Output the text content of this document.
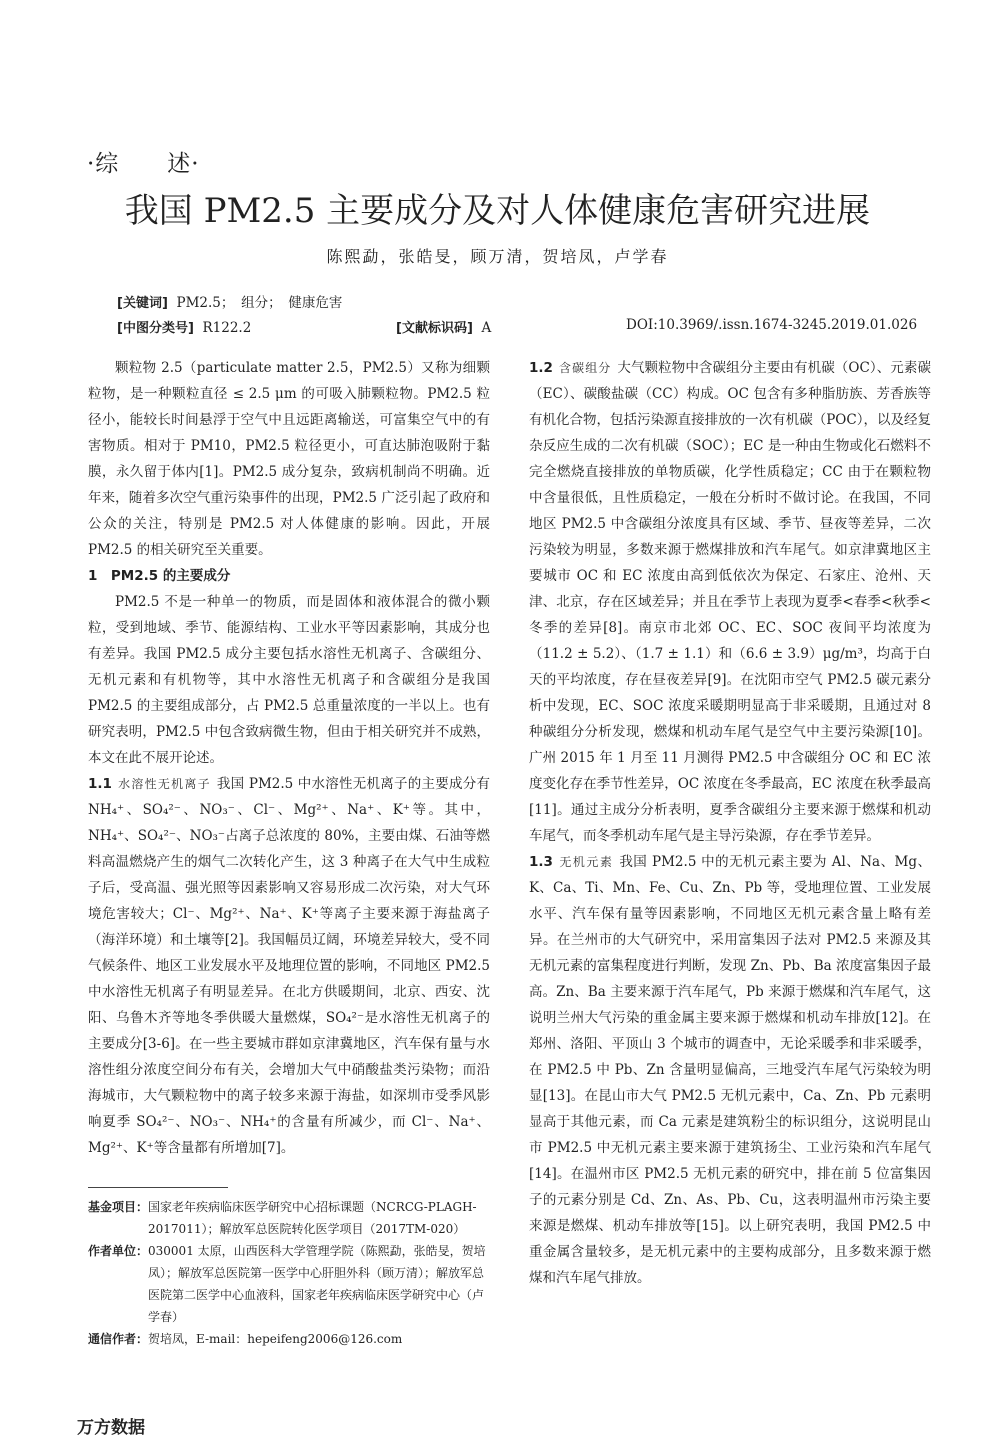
·综　　述·
我国 PM2.5 主要成分及对人体健康危害研究进展
陈熙勐，张皓旻，顾万清，贺培凤，卢学春
[关键词] PM2.5；　组分；　健康危害
[中图分类号] R122.2	[文献标识码] A	DOI:10.3969/.issn.1674-3245.2019.01.026

颗粒物 2.5（particulate matter 2.5，PM2.5）又称为细颗粒物，是一种颗粒直径 ≤ 2.5 μm 的可吸入肺颗粒物。PM2.5 粒径小，能较长时间悬浮于空气中且远距离输送，可富集空气中的有害物质。相对于 PM10，PM2.5 粒径更小，可直达肺泡吸附于黏膜，永久留于体内[1]。PM2.5 成分复杂，致病机制尚不明确。近年来，随着多次空气重污染事件的出现，PM2.5 广泛引起了政府和公众的关注，特别是 PM2.5 对人体健康的影响。因此，开展 PM2.5 的相关研究至关重要。

1　PM2.5 的主要成分

PM2.5 不是一种单一的物质，而是固体和液体混合的微小颗粒，受到地域、季节、能源结构、工业水平等因素影响，其成分也有差异。我国 PM2.5 成分主要包括水溶性无机离子、含碳组分、无机元素和有机物等，其中水溶性无机离子和含碳组分是我国 PM2.5 的主要组成部分，占 PM2.5 总重量浓度的一半以上。也有研究表明，PM2.5 中包含致病微生物，但由于相关研究并不成熟，本文在此不展开论述。

1.1 水溶性无机离子 我国 PM2.5 中水溶性无机离子的主要成分有 NH₄⁺、SO₄²⁻、NO₃⁻、Cl⁻、Mg²⁺、Na⁺、K⁺等。其中，NH₄⁺、SO₄²⁻、NO₃⁻占离子总浓度的 80%，主要由煤、石油等燃料高温燃烧产生的烟气二次转化产生，这 3 种离子在大气中生成粒子后，受高温、强光照等因素影响又容易形成二次污染，对大气环境危害较大；Cl⁻、Mg²⁺、Na⁺、K⁺等离子主要来源于海盐离子（海洋环境）和土壤等[2]。我国幅员辽阔，环境差异较大，受不同气候条件、地区工业发展水平及地理位置的影响，不同地区 PM2.5 中水溶性无机离子有明显差异。在北方供暖期间，北京、西安、沈阳、乌鲁木齐等地冬季供暖大量燃煤，SO₄²⁻是水溶性无机离子的主要成分[3-6]。在一些主要城市群如京津冀地区，汽车保有量与水溶性组分浓度空间分布有关，会增加大气中硝酸盐类污染物；而沿海城市，大气颗粒物中的离子较多来源于海盐，如深圳市受季风影响夏季 SO₄²⁻、NO₃⁻、NH₄⁺的含量有所减少，而 Cl⁻、Na⁺、Mg²⁺、K⁺等含量都有所增加[7]。

基金项目： 国家老年疾病临床医学研究中心招标课题（NCRCG-PLAGH-2017011）；解放军总医院转化医学项目（2017TM-020）
作者单位： 030001 太原，山西医科大学管理学院（陈熙勐，张皓旻，贺培凤）；解放军总医院第一医学中心肝胆外科（顾万清）；解放军总医院第二医学中心血液科，国家老年疾病临床医学研究中心（卢学春）
通信作者： 贺培凤，E-mail：hepeifeng2006@126.com

1.2 含碳组分 大气颗粒物中含碳组分主要由有机碳（OC）、元素碳（EC）、碳酸盐碳（CC）构成。OC 包含有多种脂肪族、芳香族等有机化合物，包括污染源直接排放的一次有机碳（POC），以及经复杂反应生成的二次有机碳（SOC）；EC 是一种由生物或化石燃料不完全燃烧直接排放的单物质碳，化学性质稳定；CC 由于在颗粒物中含量很低，且性质稳定，一般在分析时不做讨论。在我国，不同地区 PM2.5 中含碳组分浓度具有区域、季节、昼夜等差异，二次污染较为明显，多数来源于燃煤排放和汽车尾气。如京津冀地区主要城市 OC 和 EC 浓度由高到低依次为保定、石家庄、沧州、天津、北京，存在区域差异；并且在季节上表现为夏季<春季<秋季<冬季的差异[8]。南京市北郊 OC、EC、SOC 夜间平均浓度为（11.2 ± 5.2）、（1.7 ± 1.1）和（6.6 ± 3.9）μg/m³，均高于白天的平均浓度，存在昼夜差异[9]。在沈阳市空气 PM2.5 碳元素分析中发现，EC、SOC 浓度采暖期明显高于非采暖期，且通过对 8 种碳组分分析发现，燃煤和机动车尾气是空气中主要污染源[10]。广州 2015 年 1 月至 11 月测得 PM2.5 中含碳组分 OC 和 EC 浓度变化存在季节性差异，OC 浓度在冬季最高，EC 浓度在秋季最高[11]。通过主成分分析表明，夏季含碳组分主要来源于燃煤和机动车尾气，而冬季机动车尾气是主导污染源，存在季节差异。

1.3 无机元素 我国 PM2.5 中的无机元素主要为 Al、Na、Mg、K、Ca、Ti、Mn、Fe、Cu、Zn、Pb 等，受地理位置、工业发展水平、汽车保有量等因素影响，不同地区无机元素含量上略有差异。在兰州市的大气研究中，采用富集因子法对 PM2.5 来源及其无机元素的富集程度进行判断，发现 Zn、Pb、Ba 浓度富集因子最高。Zn、Ba 主要来源于汽车尾气，Pb 来源于燃煤和汽车尾气，这说明兰州大气污染的重金属主要来源于燃煤和机动车排放[12]。在郑州、洛阳、平顶山 3 个城市的调查中，无论采暖季和非采暖季，在 PM2.5 中 Pb、Zn 含量明显偏高，三地受汽车尾气污染较为明显[13]。在昆山市大气 PM2.5 无机元素中，Ca、Zn、Pb 元素明显高于其他元素，而 Ca 元素是建筑粉尘的标识组分，这说明昆山市 PM2.5 中无机元素主要来源于建筑扬尘、工业污染和汽车尾气[14]。在温州市区 PM2.5 无机元素的研究中，排在前 5 位富集因子的元素分别是 Cd、Zn、As、Pb、Cu，这表明温州市污染主要来源是燃煤、机动车排放等[15]。以上研究表明，我国 PM2.5 中重金属含量较多，是无机元素中的主要构成部分，且多数来源于燃煤和汽车尾气排放。

万方数据
